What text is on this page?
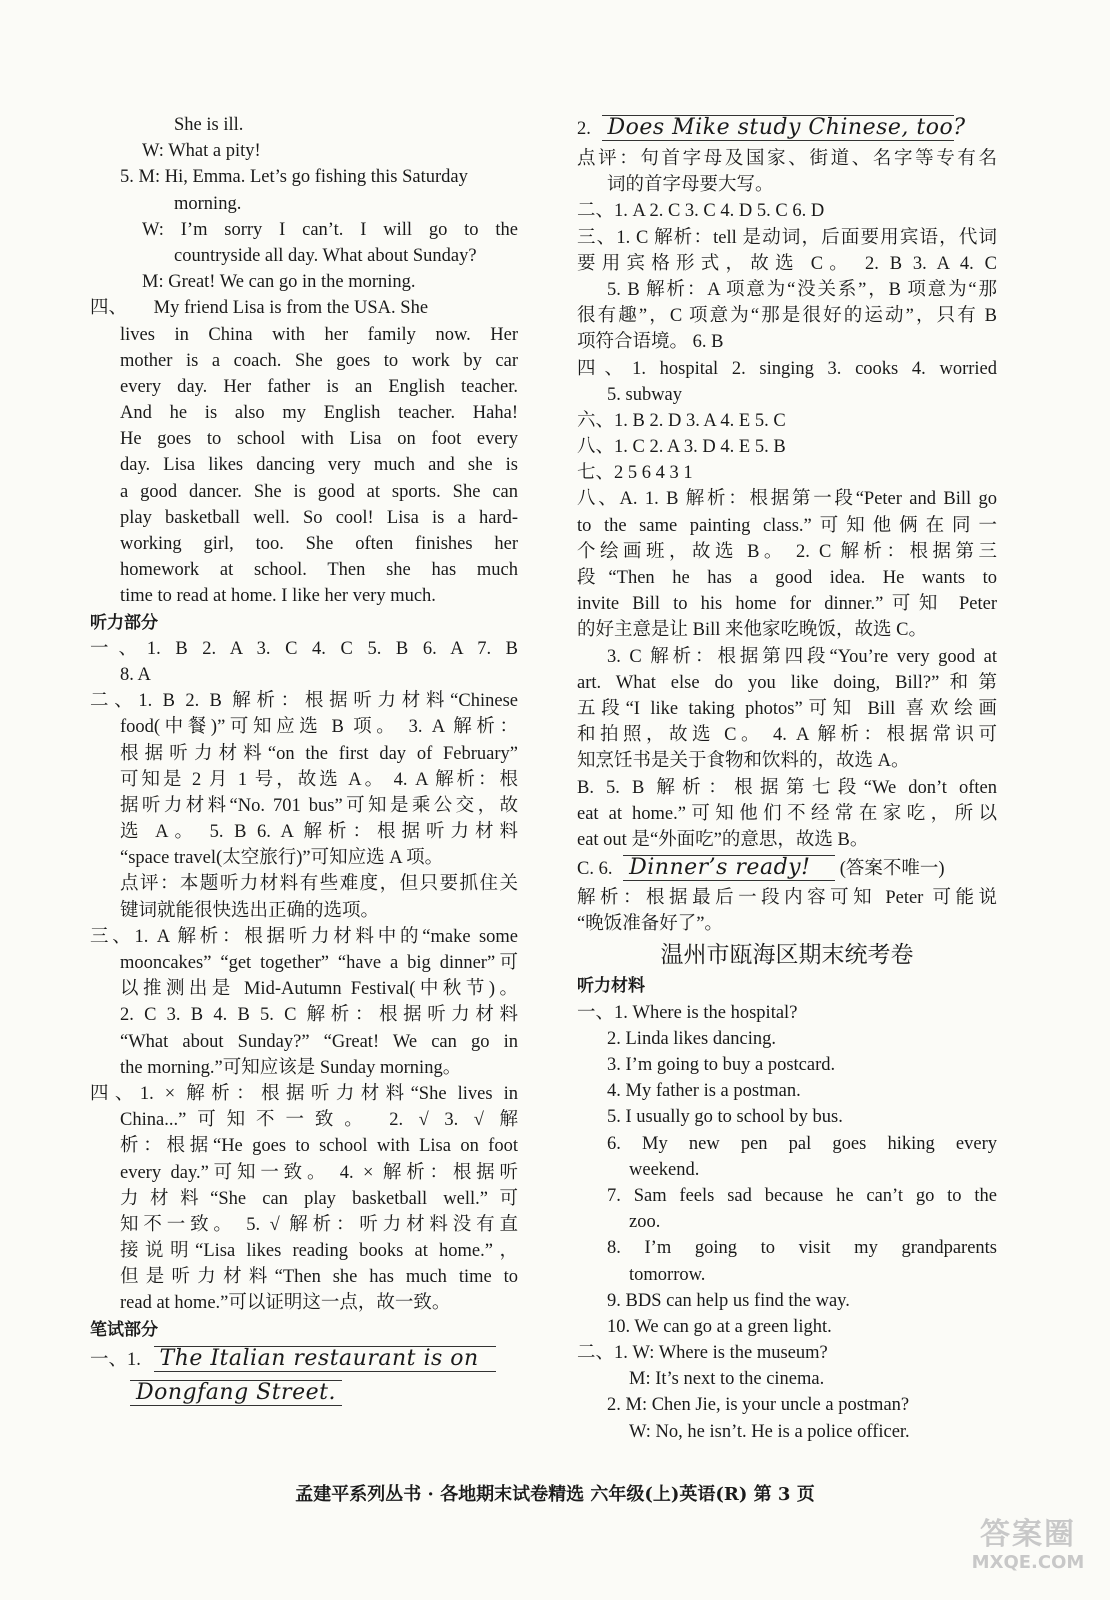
She is ill.
W: What a pity!
5. M: Hi, Emma. Let’s go fishing this Saturday
morning.
W: I’m sorry I can’t. I will go to the
countryside all day. What about Sunday?
M: Great! We can go in the morning.
四、 My friend Lisa is from the USA. She
lives in China with her family now. Her
mother is a coach. She goes to work by car
every day. Her father is an English teacher.
And he is also my English teacher. Haha!
He goes to school with Lisa on foot every
day. Lisa likes dancing very much and she is
a good dancer. She is good at sports. She can
play basketball well. So cool! Lisa is a hard-
working girl, too. She often finishes her
homework at school. Then she has much
time to read at home. I like her very much.
听力部分
一、1. B 2. A 3. C 4. C 5. B 6. A 7. B
8. A
二、1. B 2. B 解析：根据听力材料“Chinese
food(中餐)”可知应选 B 项。 3. A 解析：
根据听力材料“on the first day of February”
可知是 2 月 1 号，故选 A。 4. A 解析：根
据听力材料“No. 701 bus”可知是乘公交，故
选 A。 5. B 6. A 解析：根据听力材料
“space travel(太空旅行)”可知应选 A 项。
点评：本题听力材料有些难度，但只要抓住关
键词就能很快选出正确的选项。
三、1. A 解析：根据听力材料中的“make some
mooncakes” “get together” “have a big dinner”可
以推测出是 Mid-Autumn Festival(中秋节)。
2. C 3. B 4. B 5. C 解析：根据听力材料
“What about Sunday?” “Great! We can go in
the morning.”可知应该是 Sunday morning。
四、1. × 解析：根据听力材料“She lives in
China...”可知不一致。 2. √ 3. √ 解
析：根据“He goes to school with Lisa on foot
every day.”可知一致。 4. × 解析：根据听
力材料“She can play basketball well.”可
知不一致。 5. √ 解析：听力材料没有直
接说明“Lisa likes reading books at home.”，
但是听力材料“Then she has much time to
read at home.”可以证明这一点，故一致。
笔试部分
一、1. The Italian restaurant is on
Dongfang Street.
2. Does Mike study Chinese, too?
点评：句首字母及国家、街道、名字等专有名
词的首字母要大写。
二、1. A 2. C 3. C 4. D 5. C 6. D
三、1. C 解析：tell 是动词，后面要用宾语，代词
要用宾格形式，故选 C。 2. B 3. A 4. C
5. B 解析：A 项意为“没关系”，B 项意为“那
很有趣”，C 项意为“那是很好的运动”，只有 B
项符合语境。 6. B
四、1. hospital 2. singing 3. cooks 4. worried
5. subway
六、1. B 2. D 3. A 4. E 5. C
八、1. C 2. A 3. D 4. E 5. B
七、2 5 6 4 3 1
八、A. 1. B 解析：根据第一段“Peter and Bill go
to the same painting class.”可知他俩在同一
个绘画班，故选 B。 2. C 解析：根据第三
段“Then he has a good idea. He wants to
invite Bill to his home for dinner.”可知 Peter
的好主意是让 Bill 来他家吃晚饭，故选 C。
3. C 解析：根据第四段“You’re very good at
art. What else do you like doing, Bill?”和第
五段“I like taking photos”可知 Bill 喜欢绘画
和拍照，故选 C。 4. A 解析：根据常识可
知烹饪书是关于食物和饮料的，故选 A。
B. 5. B 解析：根据第七段“We don’t often
eat at home.”可知他们不经常在家吃，所以
eat out 是“外面吃”的意思，故选 B。
C. 6. Dinner’s ready! (答案不唯一)
解析：根据最后一段内容可知 Peter 可能说
“晚饭准备好了”。
温州市瓯海区期末统考卷
听力材料
一、1. Where is the hospital?
2. Linda likes dancing.
3. I’m going to buy a postcard.
4. My father is a postman.
5. I usually go to school by bus.
6. My new pen pal goes hiking every
weekend.
7. Sam feels sad because he can’t go to the
zoo.
8. I’m going to visit my grandparents
tomorrow.
9. BDS can help us find the way.
10. We can go at a green light.
二、1. W: Where is the museum?
M: It’s next to the cinema.
2. M: Chen Jie, is your uncle a postman?
W: No, he isn’t. He is a police officer.
孟建平系列丛书 · 各地期末试卷精选 六年级(上)英语(R) 第 3 页
答案圈
MXQE.COM
